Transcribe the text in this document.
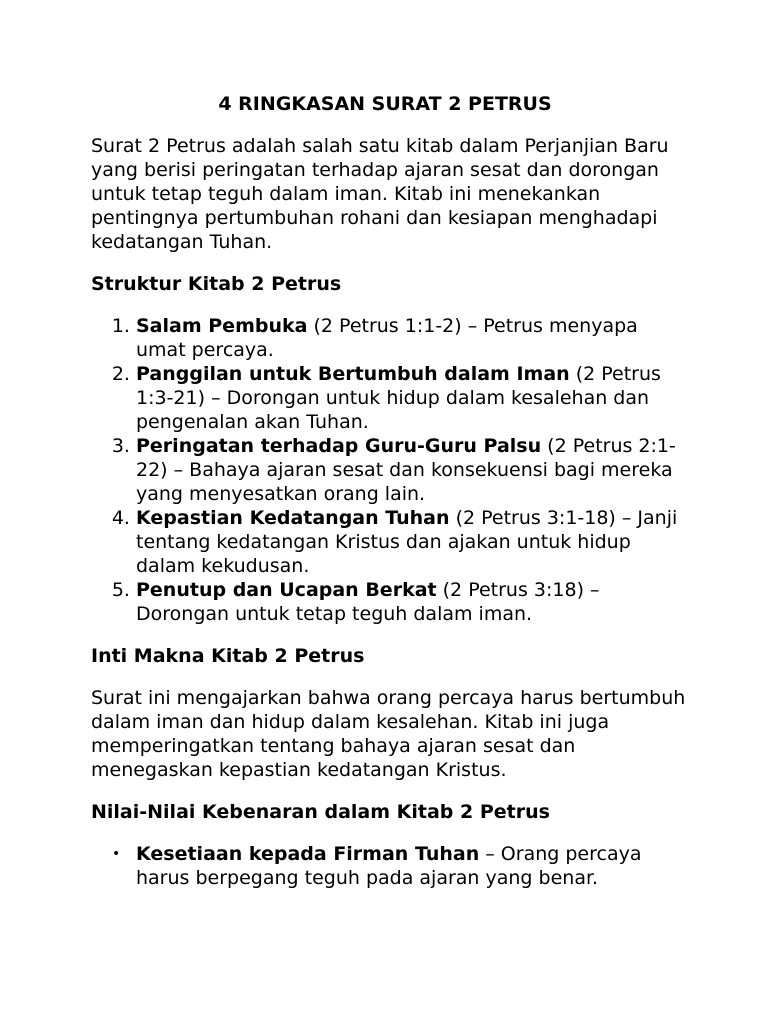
4 RINGKASAN SURAT 2 PETRUS

Surat 2 Petrus adalah salah satu kitab dalam Perjanjian Baru yang berisi peringatan terhadap ajaran sesat dan dorongan untuk tetap teguh dalam iman. Kitab ini menekankan pentingnya pertumbuhan rohani dan kesiapan menghadapi kedatangan Tuhan.

Struktur Kitab 2 Petrus
1. Salam Pembuka (2 Petrus 1:1-2) – Petrus menyapa umat percaya.
2. Panggilan untuk Bertumbuh dalam Iman (2 Petrus 1:3-21) – Dorongan untuk hidup dalam kesalehan dan pengenalan akan Tuhan.
3. Peringatan terhadap Guru-Guru Palsu (2 Petrus 2:1-22) – Bahaya ajaran sesat dan konsekuensi bagi mereka yang menyesatkan orang lain.
4. Kepastian Kedatangan Tuhan (2 Petrus 3:1-18) – Janji tentang kedatangan Kristus dan ajakan untuk hidup dalam kekudusan.
5. Penutup dan Ucapan Berkat (2 Petrus 3:18) – Dorongan untuk tetap teguh dalam iman.
Inti Makna Kitab 2 Petrus

Surat ini mengajarkan bahwa orang percaya harus bertumbuh dalam iman dan hidup dalam kesalehan. Kitab ini juga memperingatkan tentang bahaya ajaran sesat dan menegaskan kepastian kedatangan Kristus.

Nilai-Nilai Kebenaran dalam Kitab 2 Petrus
• Kesetiaan kepada Firman Tuhan – Orang percaya harus berpegang teguh pada ajaran yang benar.
